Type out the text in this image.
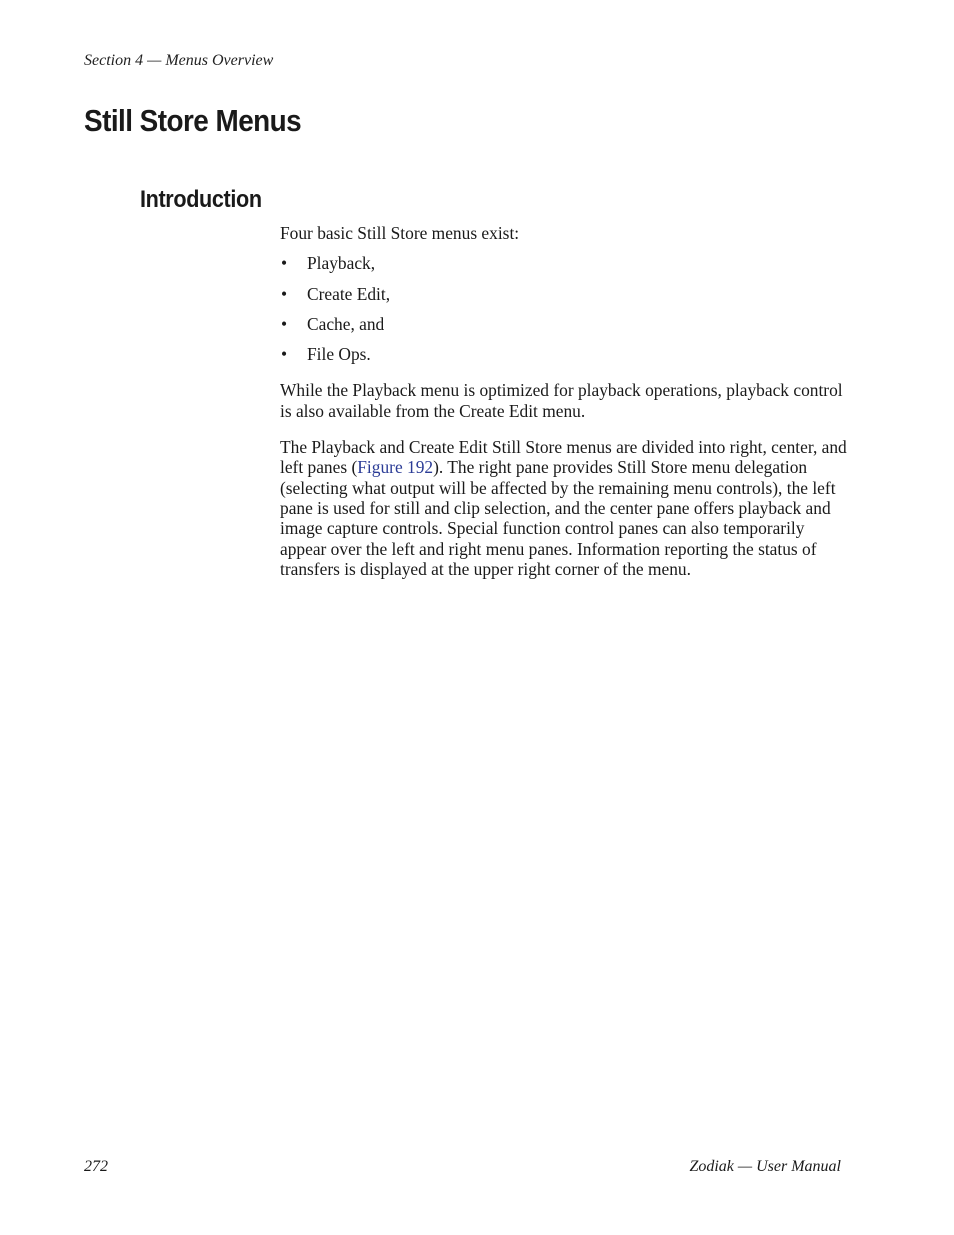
Section 4 — Menus Overview
Still Store Menus
Introduction

Four basic Still Store menus exist:

• Playback,
• Create Edit,
• Cache, and
• File Ops.

While the Playback menu is optimized for playback operations, playback control is also available from the Create Edit menu.

The Playback and Create Edit Still Store menus are divided into right, center, and left panes (Figure 192). The right pane provides Still Store menu delegation (selecting what output will be affected by the remaining menu controls), the left pane is used for still and clip selection, and the center pane offers playback and image capture controls. Special function control panes can also temporarily appear over the left and right menu panes. Information reporting the status of transfers is displayed at the upper right corner of the menu.

272	Zodiak — User Manual
